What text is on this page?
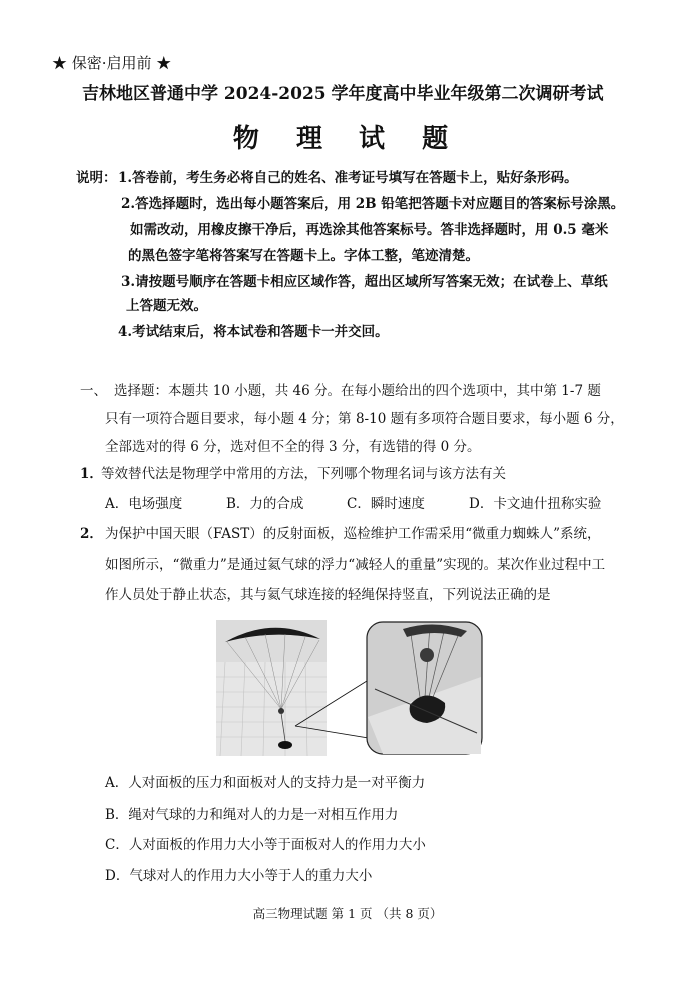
★ 保密·启用前 ★
吉林地区普通中学 2024-2025 学年度高中毕业年级第二次调研考试
物 理 试 题
说明： 1.答卷前，考生务必将自己的姓名、准考证号填写在答题卡上，贴好条形码。
2.答选择题时，选出每小题答案后，用 2B 铅笔把答题卡对应题目的答案标号涂黑。
如需改动，用橡皮擦干净后，再选涂其他答案标号。答非选择题时，用 0.5 毫米
的黑色签字笔将答案写在答题卡上。字体工整，笔迹清楚。
3.请按题号顺序在答题卡相应区域作答，超出区域所写答案无效；在试卷上、草纸
上答题无效。
4.考试结束后，将本试卷和答题卡一并交回。
一、 选择题：本题共 10 小题，共 46 分。在每小题给出的四个选项中，其中第 1-7 题
只有一项符合题目要求，每小题 4 分；第 8-10 题有多项符合题目要求，每小题 6 分，
全部选对的得 6 分，选对但不全的得 3 分，有选错的得 0 分。
1．
等效替代法是物理学中常用的方法，下列哪个物理名词与该方法有关
A．电场强度	B．力的合成	C．瞬时速度	D．卡文迪什扭称实验
2． 为保护中国天眼（FAST）的反射面板，巡检维护工作需采用“微重力蜘蛛人”系统，
如图所示，“微重力”是通过氦气球的浮力“减轻人的重量”实现的。某次作业过程中工
作人员处于静止状态，其与氦气球连接的轻绳保持竖直，下列说法正确的是
A．人对面板的压力和面板对人的支持力是一对平衡力
B．绳对气球的力和绳对人的力是一对相互作用力
C．人对面板的作用力大小等于面板对人的作用力大小
D．气球对人的作用力大小等于人的重力大小
高三物理试题 第 1 页 （共 8 页）
